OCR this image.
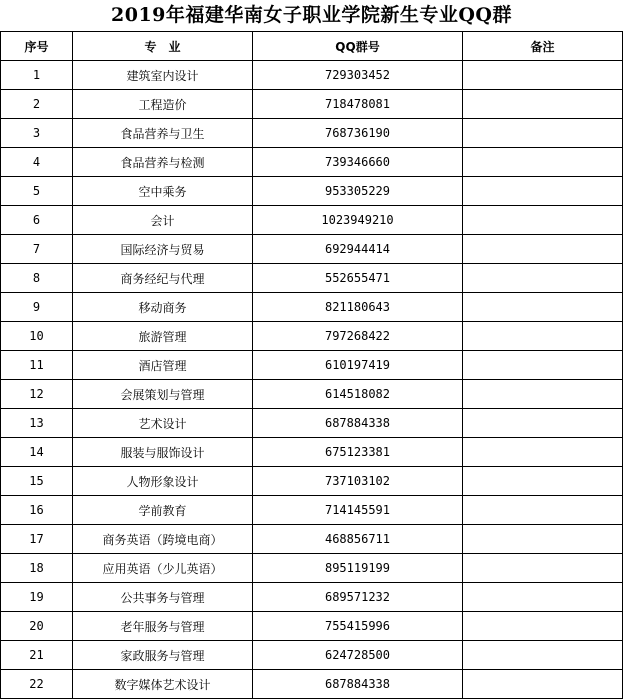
2019年福建华南女子职业学院新生专业QQ群
序号	专　业	QQ群号	备注
1	建筑室内设计	729303452	
2	工程造价	718478081	
3	食品营养与卫生	768736190	
4	食品营养与检测	739346660	
5	空中乘务	953305229	
6	会计	1023949210	
7	国际经济与贸易	692944414	
8	商务经纪与代理	552655471	
9	移动商务	821180643	
10	旅游管理	797268422	
11	酒店管理	610197419	
12	会展策划与管理	614518082	
13	艺术设计	687884338	
14	服装与服饰设计	675123381	
15	人物形象设计	737103102	
16	学前教育	714145591	
17	商务英语（跨境电商）	468856711	
18	应用英语（少儿英语）	895119199	
19	公共事务与管理	689571232	
20	老年服务与管理	755415996	
21	家政服务与管理	624728500	
22	数字媒体艺术设计	687884338	
